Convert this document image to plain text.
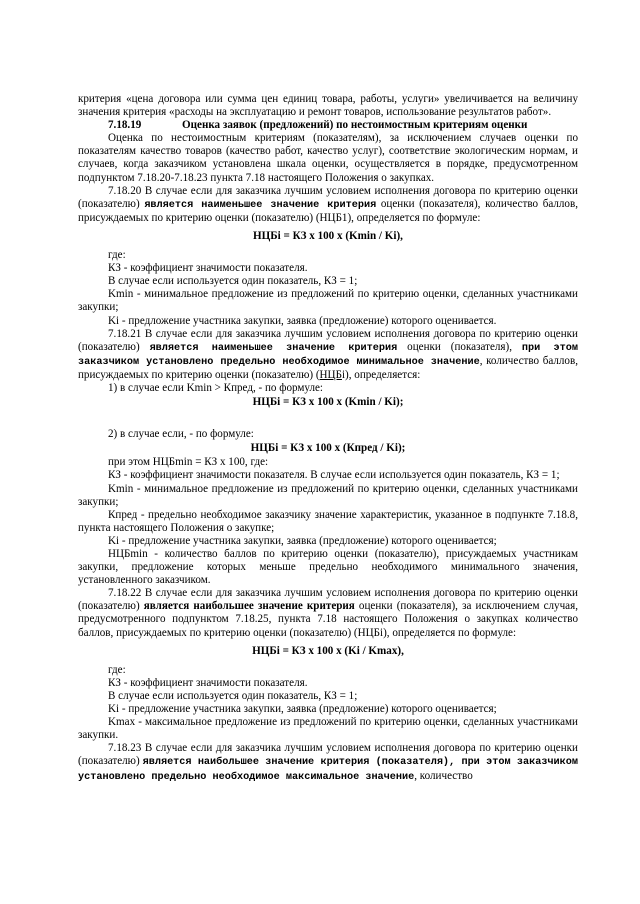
критерия «цена договора или сумма цен единиц товара, работы, услуги» увеличивается на величину значения критерия «расходы на эксплуатацию и ремонт товаров, использование результатов работ».

7.18.19	Оценка заявок (предложений) по нестоимостным критериям оценки

Оценка по нестоимостным критериям (показателям), за исключением случаев оценки по показателям качество товаров (качество работ, качество услуг), соответствие экологическим нормам, и случаев, когда заказчиком установлена шкала оценки, осуществляется в порядке, предусмотренном подпунктом 7.18.20-7.18.23 пункта 7.18 настоящего Положения о закупках.

7.18.20 В случае если для заказчика лучшим условием исполнения договора по критерию оценки (показателю) является наименьшее значение критерия оценки (показателя), количество баллов, присуждаемых по критерию оценки (показателю) (НЦБ1), определяется по формуле:

НЦБi = КЗ x 100 x (Kmin / Ki),

где:

КЗ - коэффициент значимости показателя.

В случае если используется один показатель, КЗ = 1;

Kmin - минимальное предложение из предложений по критерию оценки, сделанных участниками закупки;

Ki - предложение участника закупки, заявка (предложение) которого оценивается.

7.18.21 В случае если для заказчика лучшим условием исполнения договора по критерию оценки (показателю) является наименьшее значение критерия оценки (показателя), при этом заказчиком установлено предельно необходимое минимальное значение, количество баллов, присуждаемых по критерию оценки (показателю) (НЦБi), определяется:

1) в случае если Kmin > Кпред, - по формуле:

НЦБi = КЗ x 100 x (Kmin / Ki);

2) в случае если, - по формуле:

НЦБi = КЗ x 100 x (Кпред / Ki);

при этом НЦБmin = КЗ x 100, где:

КЗ - коэффициент значимости показателя. В случае если используется один показатель, КЗ = 1;

Kmin - минимальное предложение из предложений по критерию оценки, сделанных участниками закупки;

Кпред - предельно необходимое заказчику значение характеристик, указанное в подпункте 7.18.8, пункта настоящего Положения о закупке;

Ki - предложение участника закупки, заявка (предложение) которого оценивается;

НЦБmin - количество баллов по критерию оценки (показателю), присуждаемых участникам закупки, предложение которых меньше предельно необходимого минимального значения, установленного заказчиком.

7.18.22 В случае если для заказчика лучшим условием исполнения договора по критерию оценки (показателю) является наибольшее значение критерия оценки (показателя), за исключением случая, предусмотренного подпунктом 7.18.25, пункта 7.18 настоящего Положения о закупках количество баллов, присуждаемых по критерию оценки (показателю) (НЦБi), определяется по формуле:

НЦБi = КЗ x 100 x (Ki / Kmax),

где:

КЗ - коэффициент значимости показателя.

В случае если используется один показатель, КЗ = 1;

Ki - предложение участника закупки, заявка (предложение) которого оценивается;

Kmax - максимальное предложение из предложений по критерию оценки, сделанных участниками закупки.

7.18.23 В случае если для заказчика лучшим условием исполнения договора по критерию оценки (показателю) является наибольшее значение критерия (показателя), при этом заказчиком установлено предельно необходимое максимальное значение, количество
